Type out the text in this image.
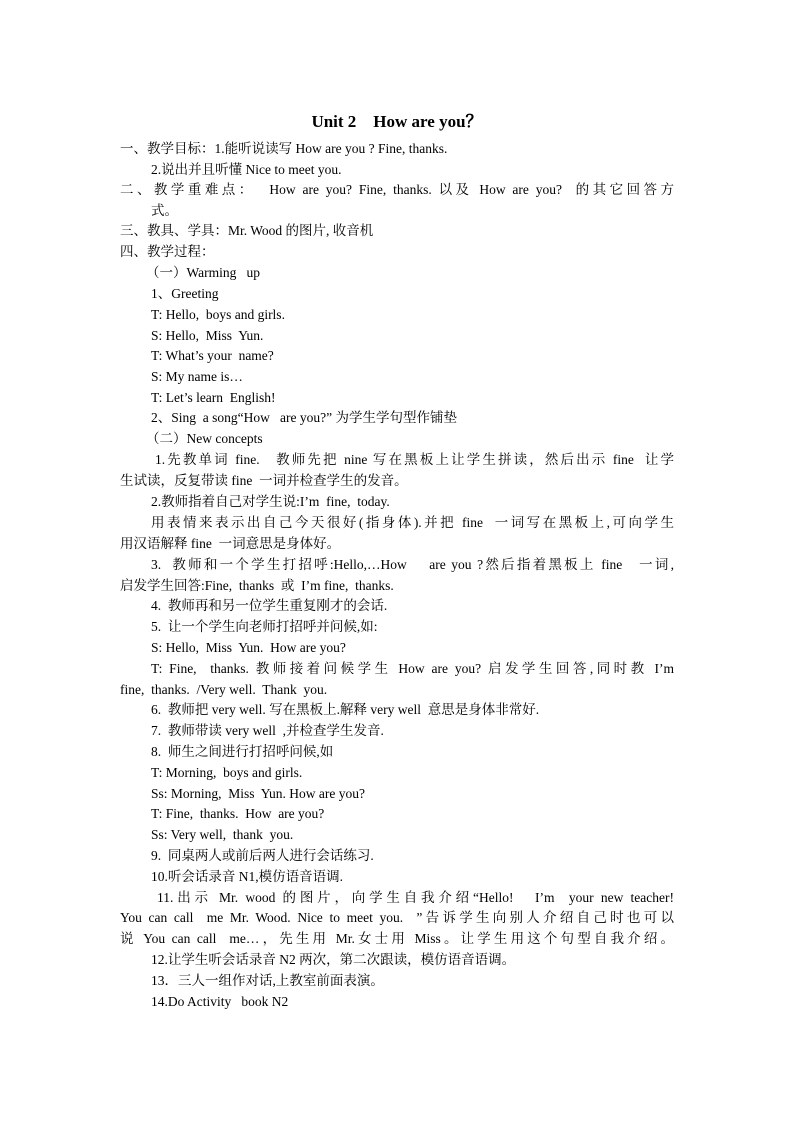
Unit 2    How are you？
一、教学目标：1.能听说读写 How are you ? Fine, thanks.
2.说出并且听懂 Nice to meet you.
二、教学重难点：  How are you? Fine, thanks. 以及 How are you?  的其它回答方
式。
三、教具、学具：Mr. Wood 的图片, 收音机
四、教学过程：
（一）Warming   up
1、Greeting
T: Hello,  boys and girls.
S: Hello,  Miss  Yun.
T: What’s your  name?
S: My name is…
T: Let’s learn  English!
2、Sing  a song“How   are you?” 为学生学句型作铺垫
（二）New concepts
1.先教单词 fine.   教师先把 nine 写在黑板上让学生拼读，然后出示 fine  让学
生试读，反复带读 fine  一词并检查学生的发音。
2.教师指着自己对学生说:I’m  fine,  today.
用表情来表示出自己今天很好(指身体).并把 fine  一词写在黑板上,可向学生
用汉语解释 fine  一词意思是身体好。
3.  教师和一个学生打招呼:Hello,…How    are you ?然后指着黑板上 fine   一词,
启发学生回答:Fine,  thanks  或  I’m fine,  thanks.
4.  教师再和另一位学生重复刚才的会话.
5.  让一个学生向老师打招呼并问候,如:
S: Hello,  Miss  Yun.  How are you?
T: Fine,  thanks. 教师接着问候学生 How are you? 启发学生回答,同时教 I’m
fine,  thanks.  /Very well.  Thank  you.
6.  教师把 very well. 写在黑板上.解释 very well  意思是身体非常好.
7.  教师带读 very well  ,并检查学生发音.
8.  师生之间进行打招呼问候,如
T: Morning,  boys and girls.
Ss: Morning,  Miss  Yun. How are you?
T: Fine,  thanks.  How  are you?
Ss: Very well,  thank  you.
9.  同桌两人或前后两人进行会话练习.
10.听会话录音 N1,模仿语音语调.
11.出示 Mr. wood 的图片，向学生自我介绍“Hello!   I’m  your new teacher!
You can call  me Mr. Wood. Nice to meet you.  ”告诉学生向别人介绍自己时也可以
说 You can call  me…，先生用 Mr.女士用 Miss。让学生用这个句型自我介绍。
12.让学生听会话录音 N2 两次，第二次跟读，模仿语音语调。
13．三人一组作对话,上教室前面表演。
14.Do Activity   book N2
